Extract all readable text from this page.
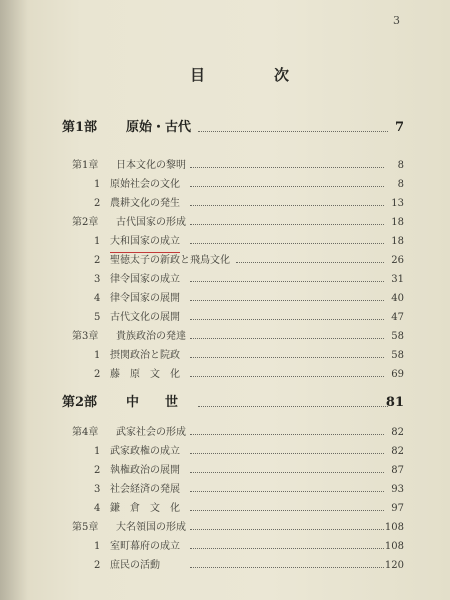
3
目	次
第1部 原始・古代	7
第1章 日本文化の黎明	8
1 原始社会の文化	8
2 農耕文化の発生	13
第2章 古代国家の形成	18
1 大和国家の成立	18
2 聖徳太子の新政と飛鳥文化	26
3 律令国家の成立	31
4 律令国家の展開	40
5 古代文化の展開	47
第3章 貴族政治の発達	58
1 摂関政治と院政	58
2 藤　原　文　化	69
第2部 中　　世	81
第4章 武家社会の形成	82
1 武家政権の成立	82
2 執権政治の展開	87
3 社会経済の発展	93
4 鎌　倉　文　化	97
第5章 大名領国の形成	108
1 室町幕府の成立	108
2 庶民の活動	120
